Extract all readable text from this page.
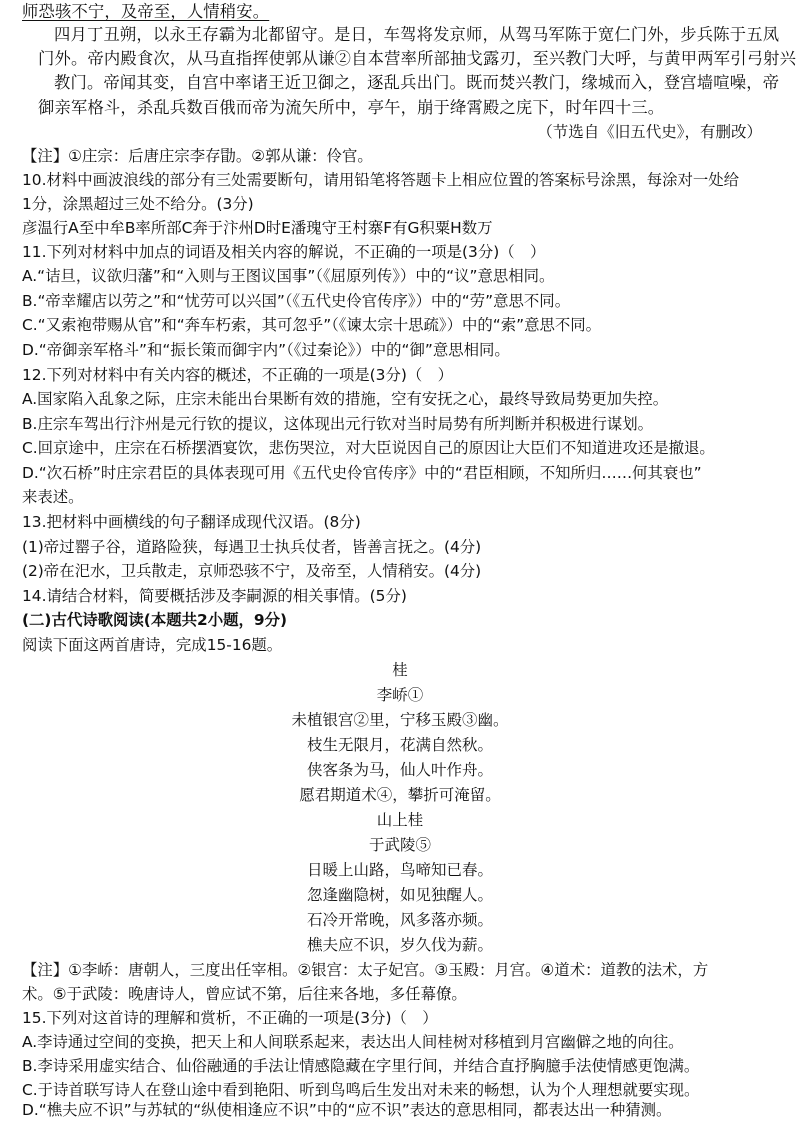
师恐骇不宁，及帝至，人情稍安。
四月丁丑朔，以永王存霸为北都留守。是日，车驾将发京师，从驾马军陈于宽仁门外，步兵陈于五凤
门外。帝内殿食次，从马直指挥使郭从谦②自本营率所部抽戈露刃，至兴教门大呼，与黄甲两军引弓射兴
教门。帝闻其变，自宫中率诸王近卫御之，逐乱兵出门。既而焚兴教门，缘城而入，登宫墙喧噪，帝
御亲军格斗，杀乱兵数百俄而帝为流矢所中，亭午，崩于绛霄殿之庑下，时年四十三。
（节选自《旧五代史》，有删改）
【注】①庄宗：后唐庄宗李存勖。②郭从谦：伶官。
10.材料中画波浪线的部分有三处需要断句，请用铅笔将答题卡上相应位置的答案标号涂黑，每涂对一处给
1分，涂黑超过三处不给分。(3分)
彦温行A至中牟B率所部C奔于汴州D时E潘瑰守王村寨F有G积粟H数万
11.下列对材料中加点的词语及相关内容的解说，不正确的一项是(3分)（　）
A.“诘旦，议欲归藩”和“入则与王图议国事”（《屈原列传》）中的“议”意思相同。
B.“帝幸耀店以劳之”和“忧劳可以兴国”（《五代史伶官传序》）中的“劳”意思不同。
C.“又索袍带赐从官”和“奔车朽索，其可忽乎”（《谏太宗十思疏》）中的“索”意思不同。
D.“帝御亲军格斗”和“振长策而御宇内”（《过秦论》）中的“御”意思相同。
12.下列对材料中有关内容的概述，不正确的一项是(3分)（　）
A.国家陷入乱象之际，庄宗未能出台果断有效的措施，空有安抚之心，最终导致局势更加失控。
B.庄宗车驾出行汴州是元行钦的提议，这体现出元行钦对当时局势有所判断并积极进行谋划。
C.回京途中，庄宗在石桥摆酒宴饮，悲伤哭泣，对大臣说因自己的原因让大臣们不知道进攻还是撤退。
D.“次石桥”时庄宗君臣的具体表现可用《五代史伶官传序》中的“君臣相顾，不知所归……何其衰也”
来表述。
13.把材料中画横线的句子翻译成现代汉语。(8分)
(1)帝过罂子谷，道路险狭，每遇卫士执兵仗者，皆善言抚之。(4分)
(2)帝在汜水，卫兵散走，京师恐骇不宁，及帝至，人情稍安。(4分)
14.请结合材料，简要概括涉及李嗣源的相关事情。(5分)
(二)古代诗歌阅读(本题共2小题，9分)
阅读下面这两首唐诗，完成15-16题。
桂
李峤①
未植银宫②里，宁移玉殿③幽。
枝生无限月，花满自然秋。
侠客条为马，仙人叶作舟。
愿君期道术④，攀折可淹留。
山上桂
于武陵⑤
日暖上山路，鸟啼知已春。
忽逢幽隐树，如见独醒人。
石冷开常晚，风多落亦频。
樵夫应不识，岁久伐为薪。
【注】①李峤：唐朝人，三度出任宰相。②银宫：太子妃宫。③玉殿：月宫。④道术：道教的法术，方
术。⑤于武陵：晚唐诗人，曾应试不第，后往来各地，多任幕僚。
15.下列对这首诗的理解和赏析，不正确的一项是(3分)（　）
A.李诗通过空间的变换，把天上和人间联系起来，表达出人间桂树对移植到月宫幽僻之地的向往。
B.李诗采用虚实结合、仙俗融通的手法让情感隐藏在字里行间，并结合直抒胸臆手法使情感更饱满。
C.于诗首联写诗人在登山途中看到艳阳、听到鸟鸣后生发出对未来的畅想，认为个人理想就要实现。
D.“樵夫应不识”与苏轼的“纵使相逢应不识”中的“应不识”表达的意思相同，都表达出一种猜测。
